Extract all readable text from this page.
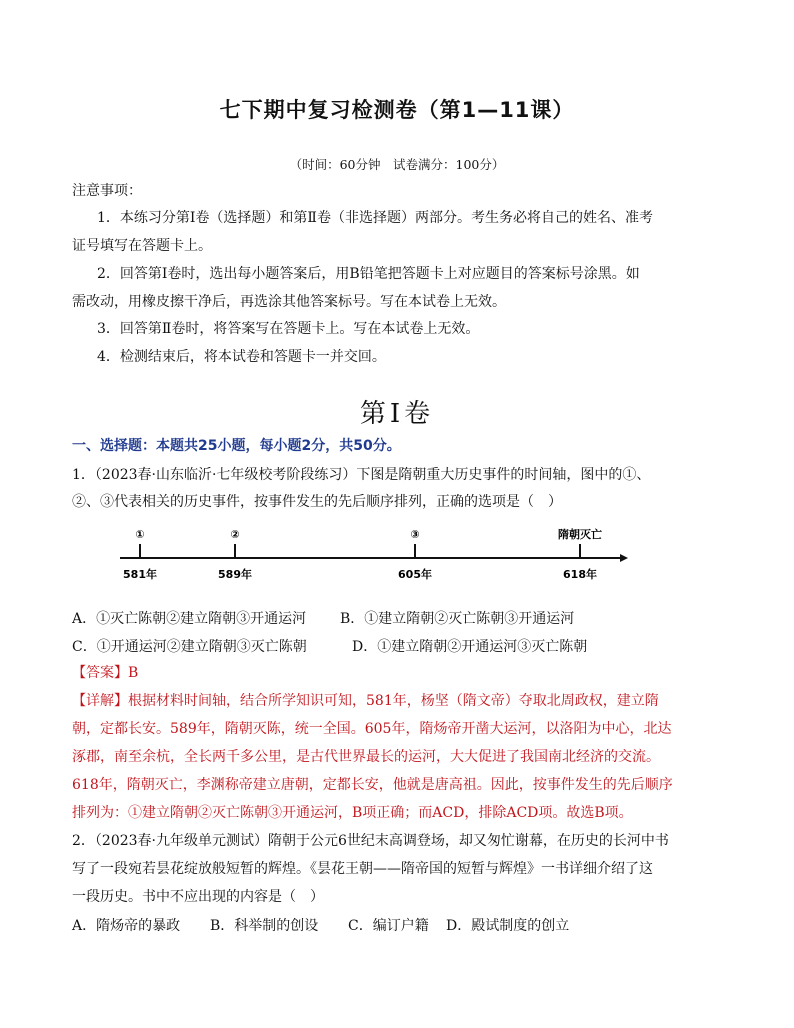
七下期中复习检测卷（第1—11课）
（时间：60分钟　试卷满分：100分）
注意事项：
1．本练习分第Ⅰ卷（选择题）和第Ⅱ卷（非选择题）两部分。考生务必将自己的姓名、准考
证号填写在答题卡上。
2．回答第Ⅰ卷时，选出每小题答案后，用B铅笔把答题卡上对应题目的答案标号涂黑。如
需改动，用橡皮擦干净后，再选涂其他答案标号。写在本试卷上无效。
3．回答第Ⅱ卷时，将答案写在答题卡上。写在本试卷上无效。
4．检测结束后，将本试卷和答题卡一并交回。
第Ⅰ卷
一、选择题：本题共25小题，每小题2分，共50分。
1．（2023春·山东临沂·七年级校考阶段练习）下图是隋朝重大历史事件的时间轴，图中的①、
②、③代表相关的历史事件，按事件发生的先后顺序排列，正确的选项是（　）
①
581年
②
589年
③
605年
隋朝灭亡
618年
A．①灭亡陈朝②建立隋朝③开通运河 B．①建立隋朝②灭亡陈朝③开通运河
C．①开通运河②建立隋朝③灭亡陈朝	D．①建立隋朝②开通运河③灭亡陈朝
【答案】B
【详解】根据材料时间轴，结合所学知识可知，581年，杨坚（隋文帝）夺取北周政权，建立隋
朝，定都长安。589年，隋朝灭陈，统一全国。605年，隋炀帝开凿大运河，以洛阳为中心，北达
涿郡，南至余杭，全长两千多公里，是古代世界最长的运河，大大促进了我国南北经济的交流。
618年，隋朝灭亡，李渊称帝建立唐朝，定都长安，他就是唐高祖。因此，按事件发生的先后顺序
排列为：①建立隋朝②灭亡陈朝③开通运河，B项正确；而ACD，排除ACD项。故选B项。
2．（2023春·九年级单元测试）隋朝于公元6世纪末高调登场，却又匆忙谢幕，在历史的长河中书
写了一段宛若昙花绽放般短暂的辉煌。《昙花王朝——隋帝国的短暂与辉煌》一书详细介绍了这
一段历史。书中不应出现的内容是（　）
A．隋炀帝的暴政 B．科举制的创设 C．编订户籍 D．殿试制度的创立
